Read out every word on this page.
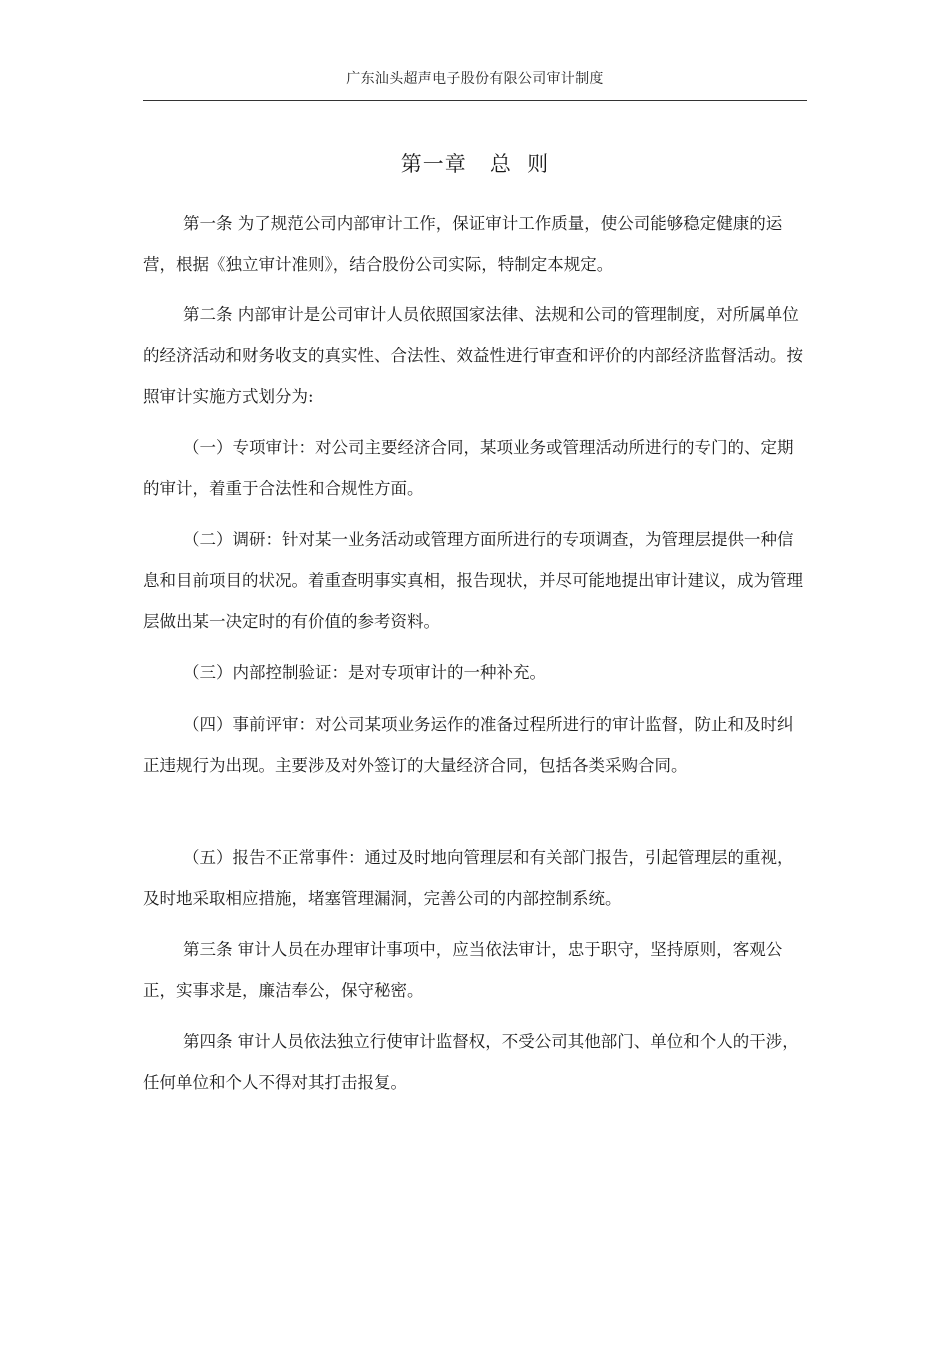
广东汕头超声电子股份有限公司审计制度
第一章   总  则
第一条 为了规范公司内部审计工作，保证审计工作质量，使公司能够稳定健康的运营，根据《独立审计准则》，结合股份公司实际，特制定本规定。
第二条 内部审计是公司审计人员依照国家法律、法规和公司的管理制度，对所属单位的经济活动和财务收支的真实性、合法性、效益性进行审查和评价的内部经济监督活动。按照审计实施方式划分为:
（一）专项审计：对公司主要经济合同，某项业务或管理活动所进行的专门的、定期的审计，着重于合法性和合规性方面。
（二）调研：针对某一业务活动或管理方面所进行的专项调查，为管理层提供一种信息和目前项目的状况。着重查明事实真相，报告现状，并尽可能地提出审计建议，成为管理层做出某一决定时的有价值的参考资料。
（三）内部控制验证：是对专项审计的一种补充。
（四）事前评审：对公司某项业务运作的准备过程所进行的审计监督，防止和及时纠正违规行为出现。主要涉及对外签订的大量经济合同，包括各类采购合同。
（五）报告不正常事件：通过及时地向管理层和有关部门报告，引起管理层的重视，及时地采取相应措施，堵塞管理漏洞，完善公司的内部控制系统。
第三条 审计人员在办理审计事项中，应当依法审计，忠于职守，坚持原则，客观公正，实事求是，廉洁奉公，保守秘密。
第四条 审计人员依法独立行使审计监督权，不受公司其他部门、单位和个人的干涉，任何单位和个人不得对其打击报复。
